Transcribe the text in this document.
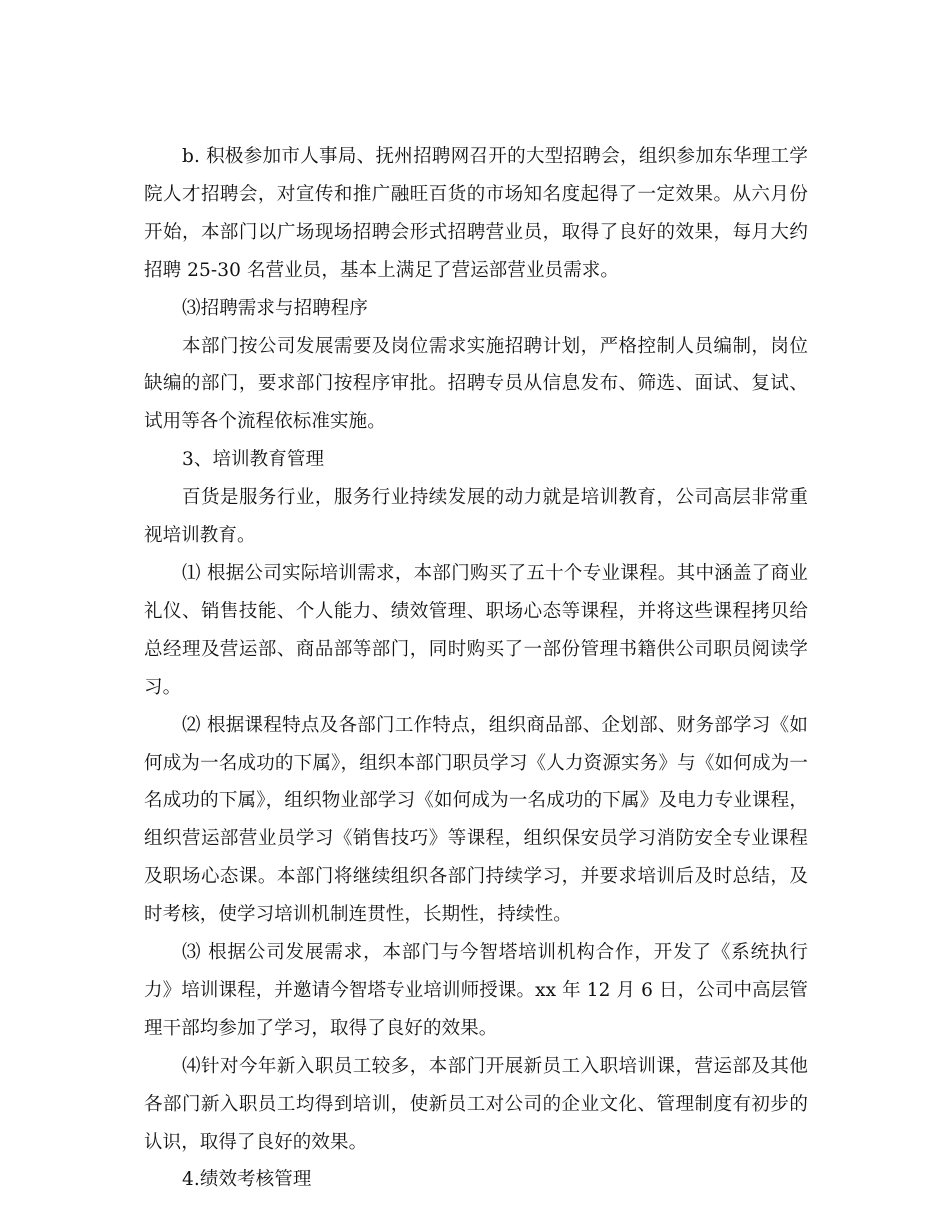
b. 积极参加市人事局、抚州招聘网召开的大型招聘会，组织参加东华理工学院人才招聘会，对宣传和推广融旺百货的市场知名度起得了一定效果。从六月份开始，本部门以广场现场招聘会形式招聘营业员，取得了良好的效果，每月大约招聘 25-30 名营业员，基本上满足了营运部营业员需求。

⑶招聘需求与招聘程序

本部门按公司发展需要及岗位需求实施招聘计划，严格控制人员编制，岗位缺编的部门，要求部门按程序审批。招聘专员从信息发布、筛选、面试、复试、试用等各个流程依标准实施。

3、培训教育管理

百货是服务行业，服务行业持续发展的动力就是培训教育，公司高层非常重视培训教育。

⑴ 根据公司实际培训需求，本部门购买了五十个专业课程。其中涵盖了商业礼仪、销售技能、个人能力、绩效管理、职场心态等课程，并将这些课程拷贝给总经理及营运部、商品部等部门，同时购买了一部份管理书籍供公司职员阅读学习。

⑵ 根据课程特点及各部门工作特点，组织商品部、企划部、财务部学习《如何成为一名成功的下属》，组织本部门职员学习《人力资源实务》与《如何成为一名成功的下属》，组织物业部学习《如何成为一名成功的下属》及电力专业课程，组织营运部营业员学习《销售技巧》等课程，组织保安员学习消防安全专业课程及职场心态课。本部门将继续组织各部门持续学习，并要求培训后及时总结，及时考核，使学习培训机制连贯性，长期性，持续性。

⑶ 根据公司发展需求，本部门与今智塔培训机构合作，开发了《系统执行力》培训课程，并邀请今智塔专业培训师授课。xx 年 12 月 6 日，公司中高层管理干部均参加了学习，取得了良好的效果。

⑷针对今年新入职员工较多，本部门开展新员工入职培训课，营运部及其他各部门新入职员工均得到培训，使新员工对公司的企业文化、管理制度有初步的认识，取得了良好的效果。

4.绩效考核管理
